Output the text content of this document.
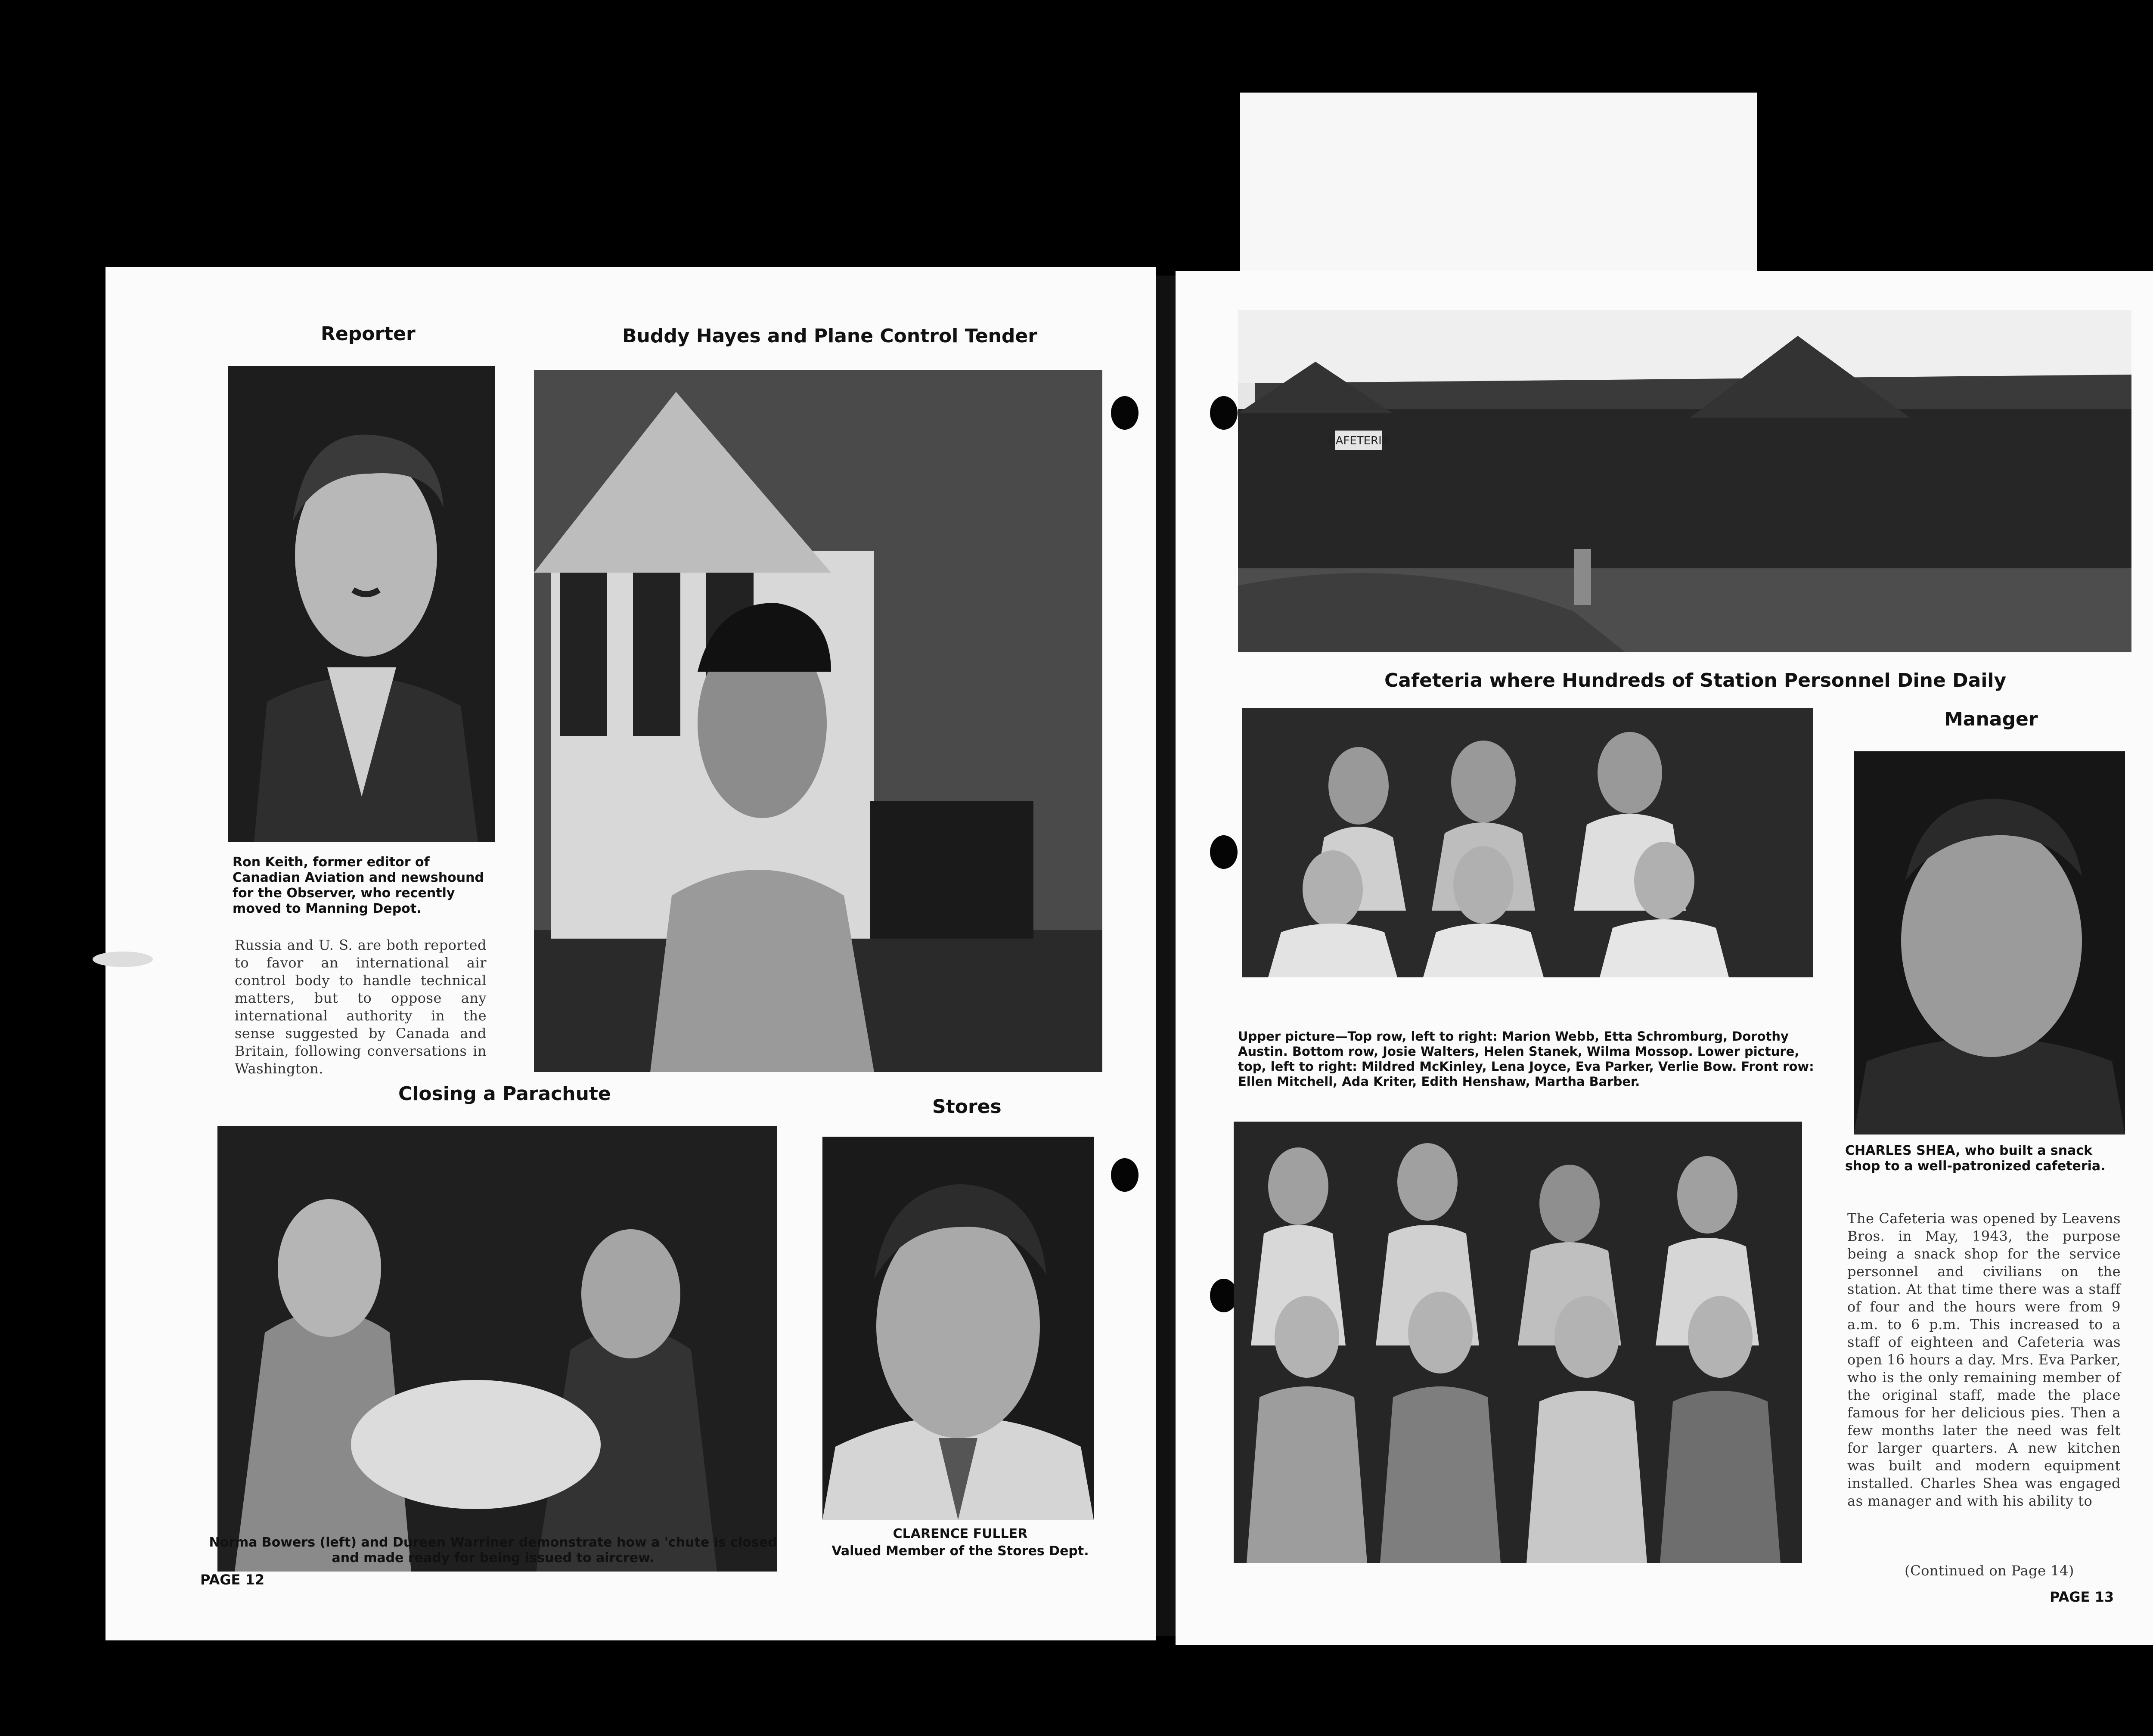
Reporter

Ron Keith, former editor of Canadian Aviation and newshound for the Observer, who recently moved to Manning Depot.

Russia and U. S. are both reported to favor an international air control body to handle technical matters, but to oppose any international authority in the sense suggested by Canada and Britain, following conversations in Washington.

Buddy Hayes and Plane Control Tender
Closing a Parachute

Norma Bowers (left) and Dureen Warriner demonstrate how a 'chute is closed and made ready for being issued to aircrew.

Stores

CLARENCE FULLER

Valued Member of the Stores Dept.

PAGE 12

CAFETERIA
Cafeteria where Hundreds of Station Personnel Dine Daily

Upper picture—Top row, left to right: Marion Webb, Etta Schromburg, Dorothy Austin. Bottom row, Josie Walters, Helen Stanek, Wilma Mossop. Lower picture, top, left to right: Mildred McKinley, Lena Joyce, Eva Parker, Verlie Bow. Front row: Ellen Mitchell, Ada Kriter, Edith Henshaw, Martha Barber.

Manager

CHARLES SHEA, who built a snack shop to a well-patronized cafeteria.

The Cafeteria was opened by Leavens Bros. in May, 1943, the purpose being a snack shop for the service personnel and civilians on the station. At that time there was a staff of four and the hours were from 9 a.m. to 6 p.m. This increased to a staff of eighteen and Cafeteria was open 16 hours a day. Mrs. Eva Parker, who is the only remaining member of the original staff, made the place famous for her delicious pies. Then a few months later the need was felt for larger quarters. A new kitchen was built and modern equipment installed. Charles Shea was engaged as manager and with his ability to

(Continued on Page 14)

PAGE 13
